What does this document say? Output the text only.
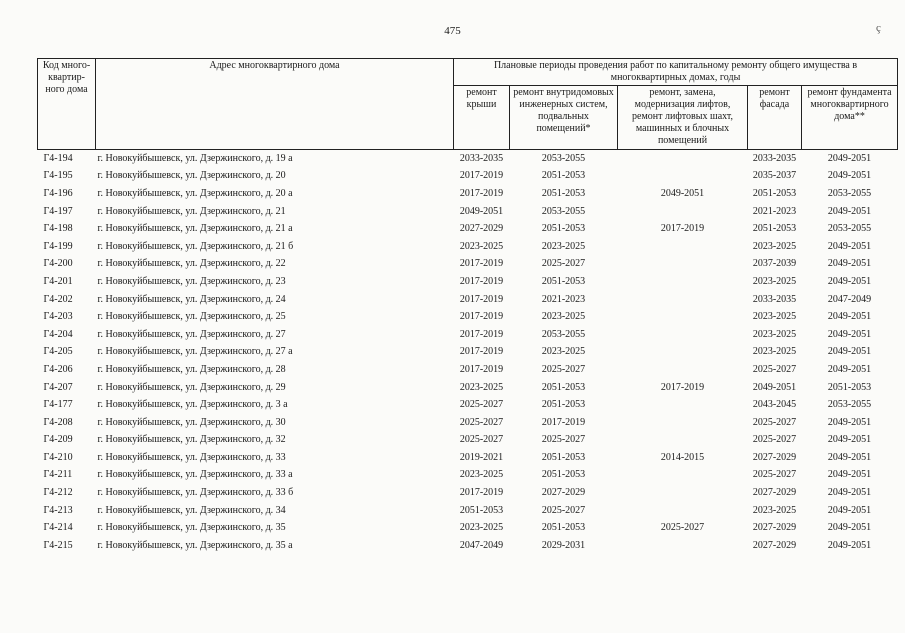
475	ç
Код много-квартир-ного дома	Адрес многоквартирного дома	Плановые периоды проведения работ по капитальному ремонту общего имущества в многоквартирных домах, годы				
		ремонт крыши	ремонт внутридомовых инженерных систем, подвальных помещений*	ремонт, замена, модернизация лифтов, ремонт лифтовых шахт, машинных и блочных помещений	ремонт фасада	ремонт фундамента многоквартирного дома**
Г4-194	г. Новокуйбышевск, ул. Дзержинского, д. 19 а	2033-2035	2053-2055		2033-2035	2049-2051
Г4-195	г. Новокуйбышевск, ул. Дзержинского, д. 20	2017-2019	2051-2053		2035-2037	2049-2051
Г4-196	г. Новокуйбышевск, ул. Дзержинского, д. 20 а	2017-2019	2051-2053	2049-2051	2051-2053	2053-2055
Г4-197	г. Новокуйбышевск, ул. Дзержинского, д. 21	2049-2051	2053-2055		2021-2023	2049-2051
Г4-198	г. Новокуйбышевск, ул. Дзержинского, д. 21 а	2027-2029	2051-2053	2017-2019	2051-2053	2053-2055
Г4-199	г. Новокуйбышевск, ул. Дзержинского, д. 21 б	2023-2025	2023-2025		2023-2025	2049-2051
Г4-200	г. Новокуйбышевск, ул. Дзержинского, д. 22	2017-2019	2025-2027		2037-2039	2049-2051
Г4-201	г. Новокуйбышевск, ул. Дзержинского, д. 23	2017-2019	2051-2053		2023-2025	2049-2051
Г4-202	г. Новокуйбышевск, ул. Дзержинского, д. 24	2017-2019	2021-2023		2033-2035	2047-2049
Г4-203	г. Новокуйбышевск, ул. Дзержинского, д. 25	2017-2019	2023-2025		2023-2025	2049-2051
Г4-204	г. Новокуйбышевск, ул. Дзержинского, д. 27	2017-2019	2053-2055		2023-2025	2049-2051
Г4-205	г. Новокуйбышевск, ул. Дзержинского, д. 27 а	2017-2019	2023-2025		2023-2025	2049-2051
Г4-206	г. Новокуйбышевск, ул. Дзержинского, д. 28	2017-2019	2025-2027		2025-2027	2049-2051
Г4-207	г. Новокуйбышевск, ул. Дзержинского, д. 29	2023-2025	2051-2053	2017-2019	2049-2051	2051-2053
Г4-177	г. Новокуйбышевск, ул. Дзержинского, д. 3 а	2025-2027	2051-2053		2043-2045	2053-2055
Г4-208	г. Новокуйбышевск, ул. Дзержинского, д. 30	2025-2027	2017-2019		2025-2027	2049-2051
Г4-209	г. Новокуйбышевск, ул. Дзержинского, д. 32	2025-2027	2025-2027		2025-2027	2049-2051
Г4-210	г. Новокуйбышевск, ул. Дзержинского, д. 33	2019-2021	2051-2053	2014-2015	2027-2029	2049-2051
Г4-211	г. Новокуйбышевск, ул. Дзержинского, д. 33 а	2023-2025	2051-2053		2025-2027	2049-2051
Г4-212	г. Новокуйбышевск, ул. Дзержинского, д. 33 б	2017-2019	2027-2029		2027-2029	2049-2051
Г4-213	г. Новокуйбышевск, ул. Дзержинского, д. 34	2051-2053	2025-2027		2023-2025	2049-2051
Г4-214	г. Новокуйбышевск, ул. Дзержинского, д. 35	2023-2025	2051-2053	2025-2027	2027-2029	2049-2051
Г4-215	г. Новокуйбышевск, ул. Дзержинского, д. 35 а	2047-2049	2029-2031		2027-2029	2049-2051
